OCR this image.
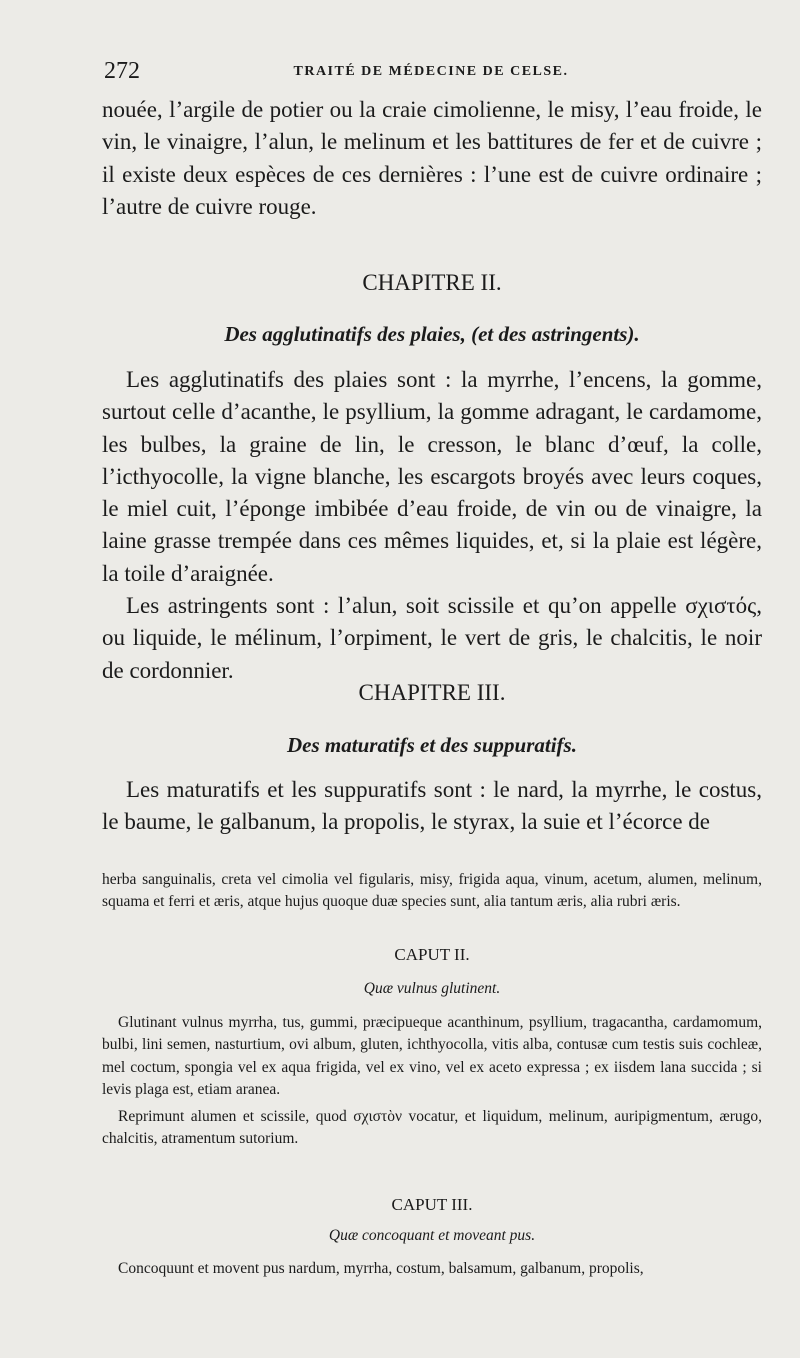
272	TRAITÉ DE MÉDECINE DE CELSE.

nouée, l’argile de potier ou la craie cimolienne, le misy, l’eau froide, le vin, le vinaigre, l’alun, le melinum et les battitures de fer et de cuivre ; il existe deux espèces de ces dernières : l’une est de cuivre ordinaire ; l’autre de cuivre rouge.

CHAPITRE II.
Des agglutinatifs des plaies, (et des astringents).

Les agglutinatifs des plaies sont : la myrrhe, l’encens, la gomme, surtout celle d’acanthe, le psyllium, la gomme adragant, le cardamome, les bulbes, la graine de lin, le cresson, le blanc d’œuf, la colle, l’icthyocolle, la vigne blanche, les escargots broyés avec leurs coques, le miel cuit, l’éponge imbibée d’eau froide, de vin ou de vinaigre, la laine grasse trempée dans ces mêmes liquides, et, si la plaie est légère, la toile d’araignée.

Les astringents sont : l’alun, soit scissile et qu’on appelle σχιστός, ou liquide, le mélinum, l’orpiment, le vert de gris, le chalcitis, le noir de cordonnier.

CHAPITRE III.
Des maturatifs et des suppuratifs.

Les maturatifs et les suppuratifs sont : le nard, la myrrhe, le costus, le baume, le galbanum, la propolis, le styrax, la suie et l’écorce de

herba sanguinalis, creta vel cimolia vel figularis, misy, frigida aqua, vinum, acetum, alumen, melinum, squama et ferri et æris, atque hujus quoque duæ species sunt, alia tantum æris, alia rubri æris.

CAPUT II.
Quæ vulnus glutinent.

Glutinant vulnus myrrha, tus, gummi, præcipueque acanthinum, psyllium, tragacantha, cardamomum, bulbi, lini semen, nasturtium, ovi album, gluten, ichthyocolla, vitis alba, contusæ cum testis suis cochleæ, mel coctum, spongia vel ex aqua frigida, vel ex vino, vel ex aceto expressa ; ex iisdem lana succida ; si levis plaga est, etiam aranea.

Reprimunt alumen et scissile, quod σχιστὸν vocatur, et liquidum, melinum, auripigmentum, ærugo, chalcitis, atramentum sutorium.

CAPUT III.
Quæ concoquant et moveant pus.

Concoquunt et movent pus nardum, myrrha, costum, balsamum, galbanum, propolis,
